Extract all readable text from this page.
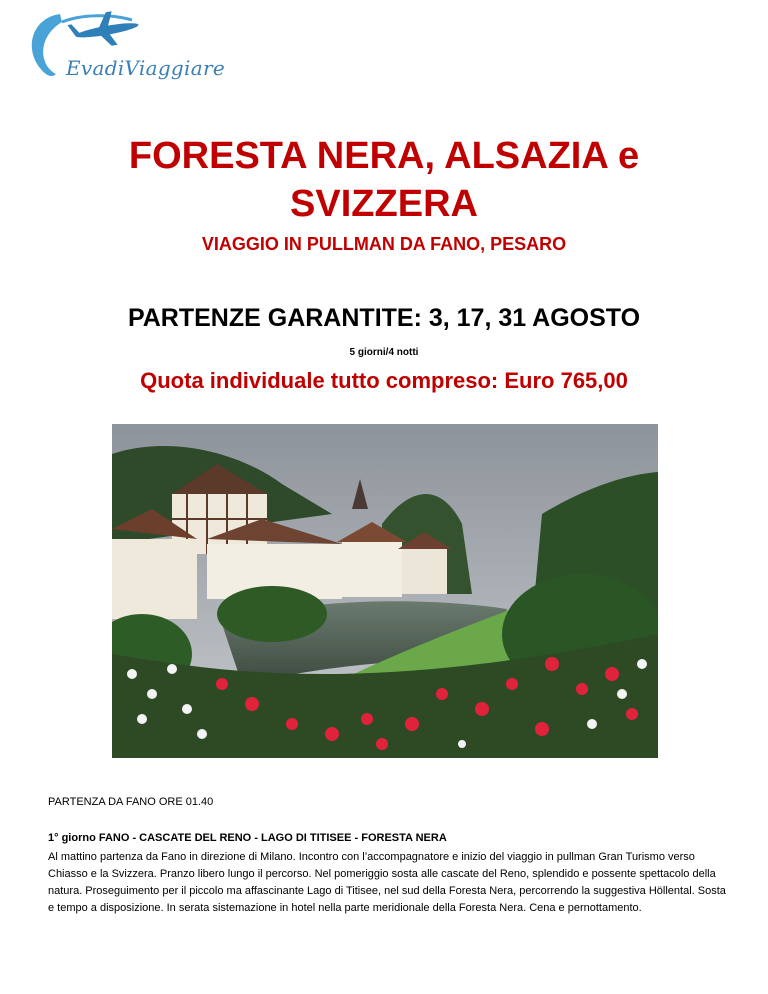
EvadiViaggiare
FORESTA NERA, ALSAZIA e
SVIZZERA
VIAGGIO IN PULLMAN DA FANO, PESARO
PARTENZE GARANTITE: 3, 17, 31 AGOSTO
5 giorni/4 notti
Quota individuale tutto compreso: Euro 765,00
PARTENZA DA FANO ORE 01.40
1° giorno FANO - CASCATE DEL RENO - LAGO DI TITISEE - FORESTA NERA
Al mattino partenza da Fano in direzione di Milano. Incontro con l’accompagnatore e inizio del viaggio in pullman Gran Turismo verso Chiasso e la Svizzera. Pranzo libero lungo il percorso. Nel pomeriggio sosta alle cascate del Reno, splendido e possente spettacolo della natura. Proseguimento per il piccolo ma affascinante Lago di Titisee, nel sud della Foresta Nera, percorrendo la suggestiva Höllental. Sosta e tempo a disposizione. In serata sistemazione in hotel nella parte meridionale della Foresta Nera. Cena e pernottamento.
